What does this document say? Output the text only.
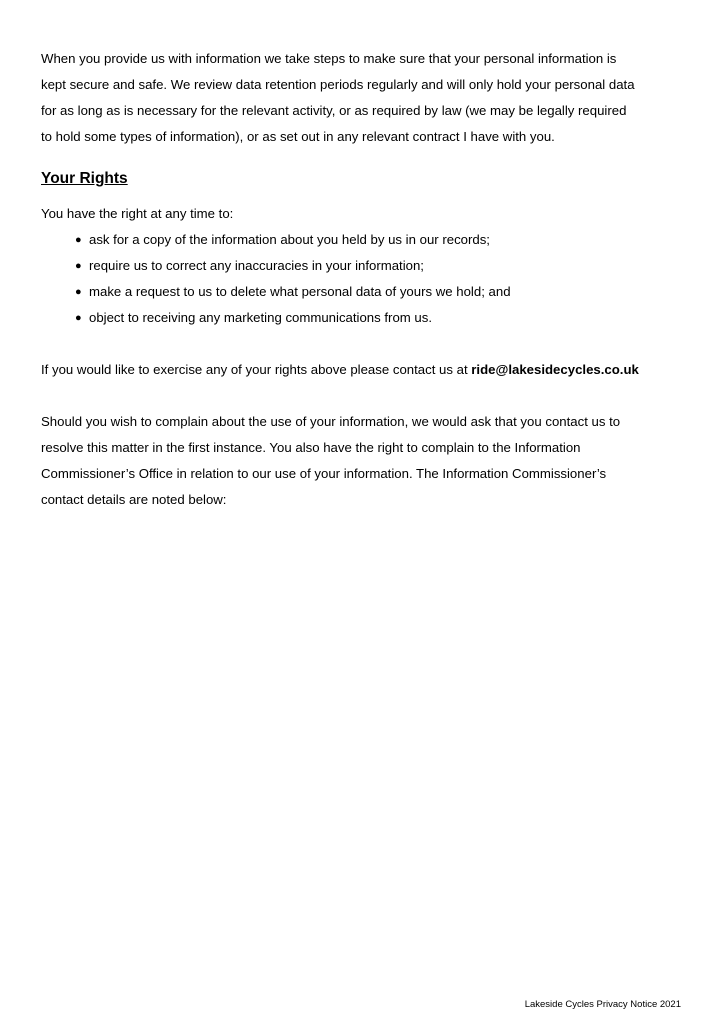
When you provide us with information we take steps to make sure that your personal information is kept secure and safe. We review data retention periods regularly and will only hold your personal data for as long as is necessary for the relevant activity, or as required by law (we may be legally required to hold some types of information), or as set out in any relevant contract I have with you.

Your Rights

You have the right at any time to:

● ask for a copy of the information about you held by us in our records;
● require us to correct any inaccuracies in your information;
● make a request to us to delete what personal data of yours we hold; and
● object to receiving any marketing communications from us.

If you would like to exercise any of your rights above please contact us at ride@lakesidecycles.co.uk

Should you wish to complain about the use of your information, we would ask that you contact us to resolve this matter in the first instance. You also have the right to complain to the Information Commissioner’s Office in relation to our use of your information. The Information Commissioner’s contact details are noted below:

Lakeside Cycles Privacy Notice 2021
